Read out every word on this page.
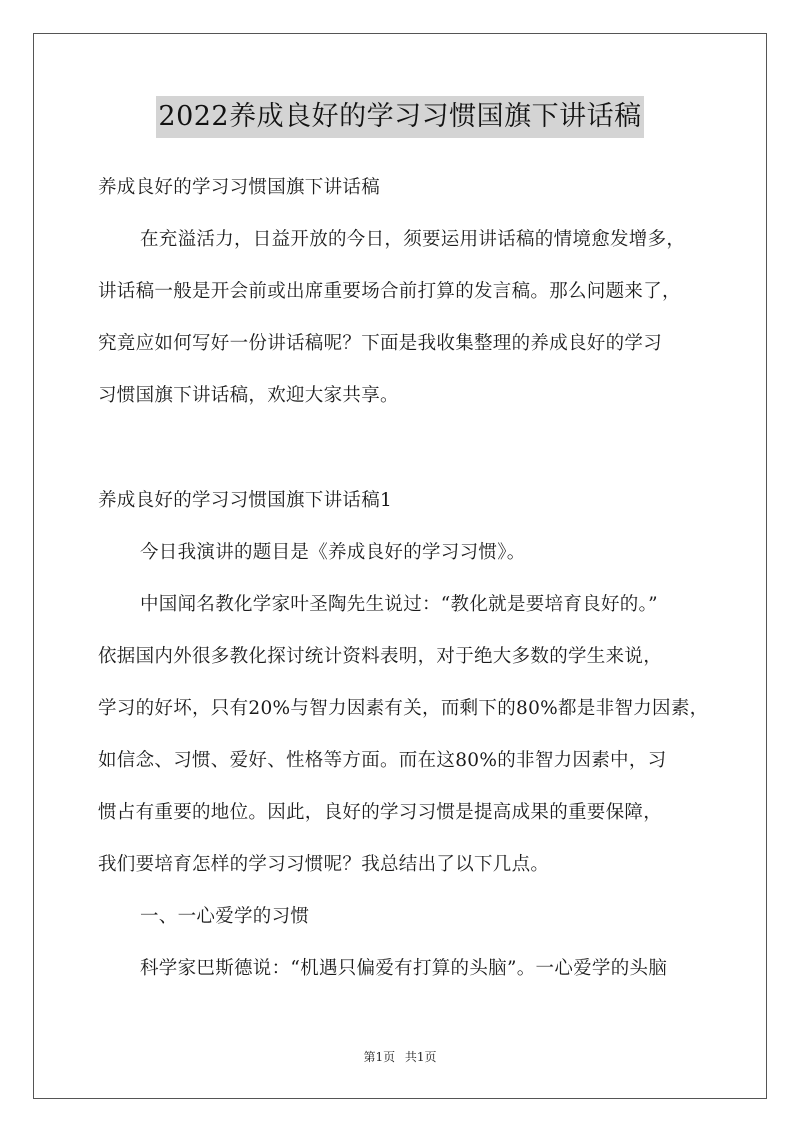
2022养成良好的学习习惯国旗下讲话稿
养成良好的学习习惯国旗下讲话稿
在充溢活力，日益开放的今日，须要运用讲话稿的情境愈发增多，
讲话稿一般是开会前或出席重要场合前打算的发言稿。那么问题来了，
究竟应如何写好一份讲话稿呢？下面是我收集整理的养成良好的学习
习惯国旗下讲话稿，欢迎大家共享。
养成良好的学习习惯国旗下讲话稿1
今日我演讲的题目是《养成良好的学习习惯》。
中国闻名教化学家叶圣陶先生说过：“教化就是要培育良好的。”
依据国内外很多教化探讨统计资料表明，对于绝大多数的学生来说，
学习的好坏，只有20%与智力因素有关，而剩下的80%都是非智力因素，
如信念、习惯、爱好、性格等方面。而在这80%的非智力因素中，习
惯占有重要的地位。因此，良好的学习习惯是提高成果的重要保障，
我们要培育怎样的学习习惯呢？我总结出了以下几点。
一、一心爱学的习惯
科学家巴斯德说：“机遇只偏爱有打算的头脑”。一心爱学的头脑
第1页 共1页
